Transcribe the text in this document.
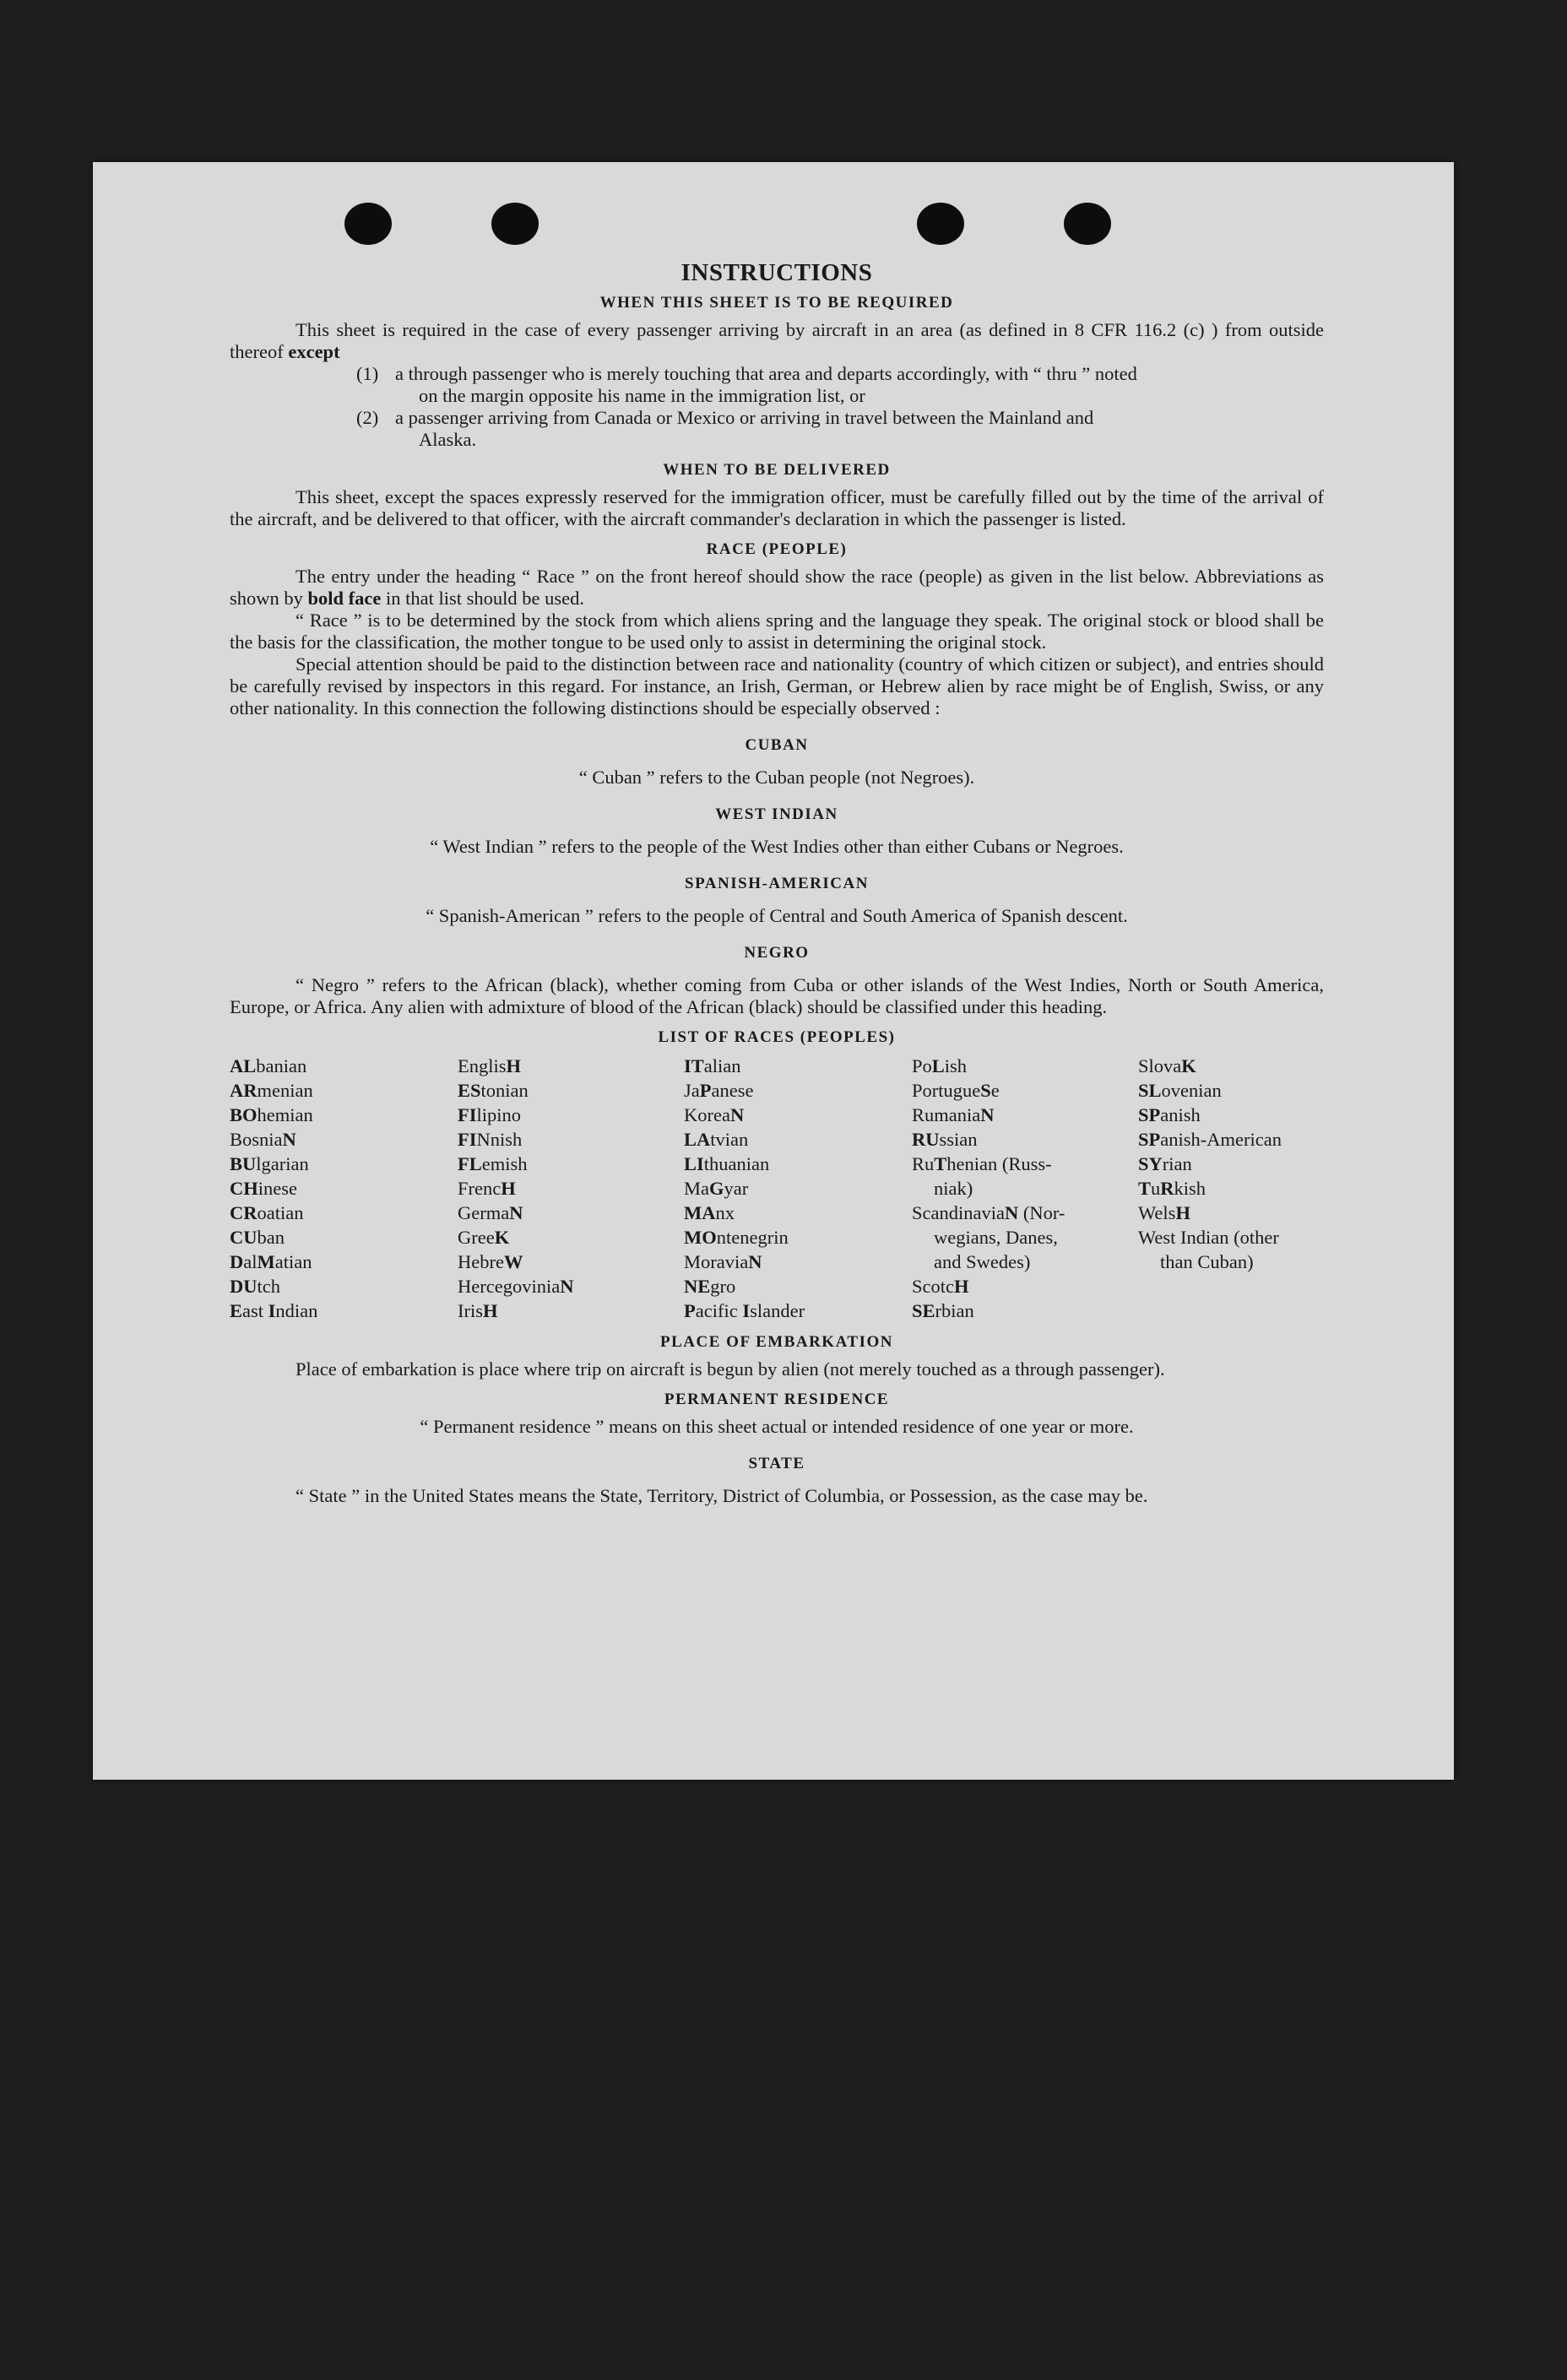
INSTRUCTIONS
WHEN THIS SHEET IS TO BE REQUIRED

This sheet is required in the case of every passenger arriving by aircraft in an area (as defined in 8 CFR 116.2 (c) ) from outside thereof except

(1) a through passenger who is merely touching that area and departs accordingly, with “ thru ” noted
on the margin opposite his name in the immigration list, or
(2) a passenger arriving from Canada or Mexico or arriving in travel between the Mainland and
Alaska.
WHEN TO BE DELIVERED

This sheet, except the spaces expressly reserved for the immigration officer, must be carefully filled out by the time of the arrival of the aircraft, and be delivered to that officer, with the aircraft commander's declaration in which the passenger is listed.

RACE (PEOPLE)

The entry under the heading “ Race ” on the front hereof should show the race (people) as given in the list below. Abbreviations as shown by bold face in that list should be used.

“ Race ” is to be determined by the stock from which aliens spring and the language they speak. The original stock or blood shall be the basis for the classification, the mother tongue to be used only to assist in determining the original stock.

Special attention should be paid to the distinction between race and nationality (country of which citizen or subject), and entries should be carefully revised by inspectors in this regard. For instance, an Irish, German, or Hebrew alien by race might be of English, Swiss, or any other nationality. In this connection the following distinctions should be especially observed :

CUBAN

“ Cuban ” refers to the Cuban people (not Negroes).

WEST INDIAN

“ West Indian ” refers to the people of the West Indies other than either Cubans or Negroes.

SPANISH-AMERICAN

“ Spanish-American ” refers to the people of Central and South America of Spanish descent.

NEGRO

“ Negro ” refers to the African (black), whether coming from Cuba or other islands of the West Indies, North or South America, Europe, or Africa. Any alien with admixture of blood of the African (black) should be classified under this heading.

LIST OF RACES (PEOPLES)
ALbanian
ARmenian
BOhemian
BosniaN
BUlgarian
CHinese
CRoatian
CUban
DalMatian
DUtch
East Indian
EnglisH
EStonian
FIlipino
FINnish
FLemish
FrencH
GermaN
GreeK
HebreW
HercegoviniaN
IrisH
ITalian
JaPanese
KoreaN
LAtvian
LIthuanian
MaGyar
MAnx
MOntenegrin
MoraviaN
NEgro
Pacific Islander
PoLish
PortugueSe
RumaniaN
RUssian
RuThenian (Russ-
niak)
ScandinaviaN (Nor-
wegians, Danes,
and Swedes)
ScotcH
SErbian
SlovaK
SLovenian
SPanish
SPanish-American
SYrian
TuRkish
WelsH
West Indian (other
than Cuban)
PLACE OF EMBARKATION

Place of embarkation is place where trip on aircraft is begun by alien (not merely touched as a through passenger).

PERMANENT RESIDENCE

“ Permanent residence ” means on this sheet actual or intended residence of one year or more.

STATE

“ State ” in the United States means the State, Territory, District of Columbia, or Possession, as the case may be.
